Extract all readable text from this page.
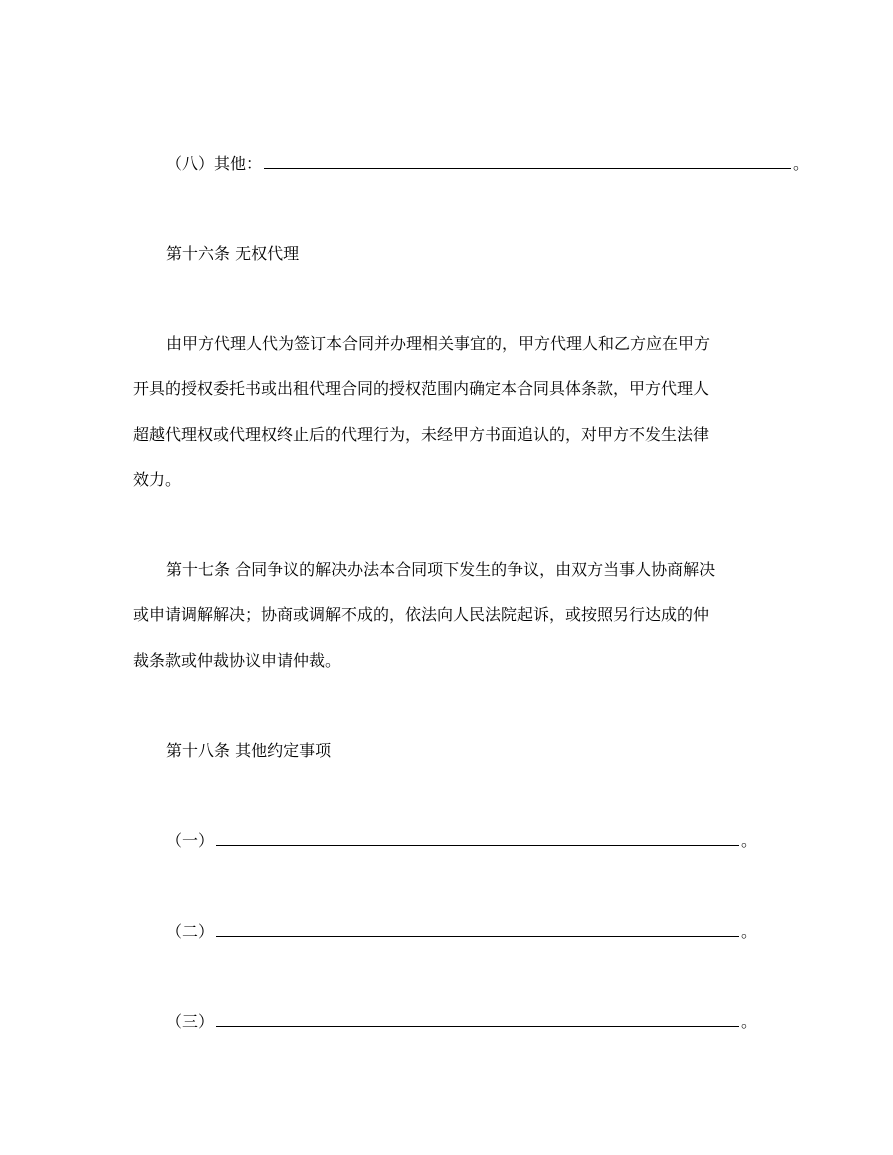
（八）其他：	。
第十六条 无权代理
由甲方代理人代为签订本合同并办理相关事宜的，甲方代理人和乙方应在甲方
开具的授权委托书或出租代理合同的授权范围内确定本合同具体条款，甲方代理人
超越代理权或代理权终止后的代理行为，未经甲方书面追认的，对甲方不发生法律
效力。
第十七条 合同争议的解决办法本合同项下发生的争议，由双方当事人协商解决
或申请调解解决；协商或调解不成的，依法向人民法院起诉，或按照另行达成的仲
裁条款或仲裁协议申请仲裁。
第十八条 其他约定事项
（一）	。
（二）	。
（三）	。
